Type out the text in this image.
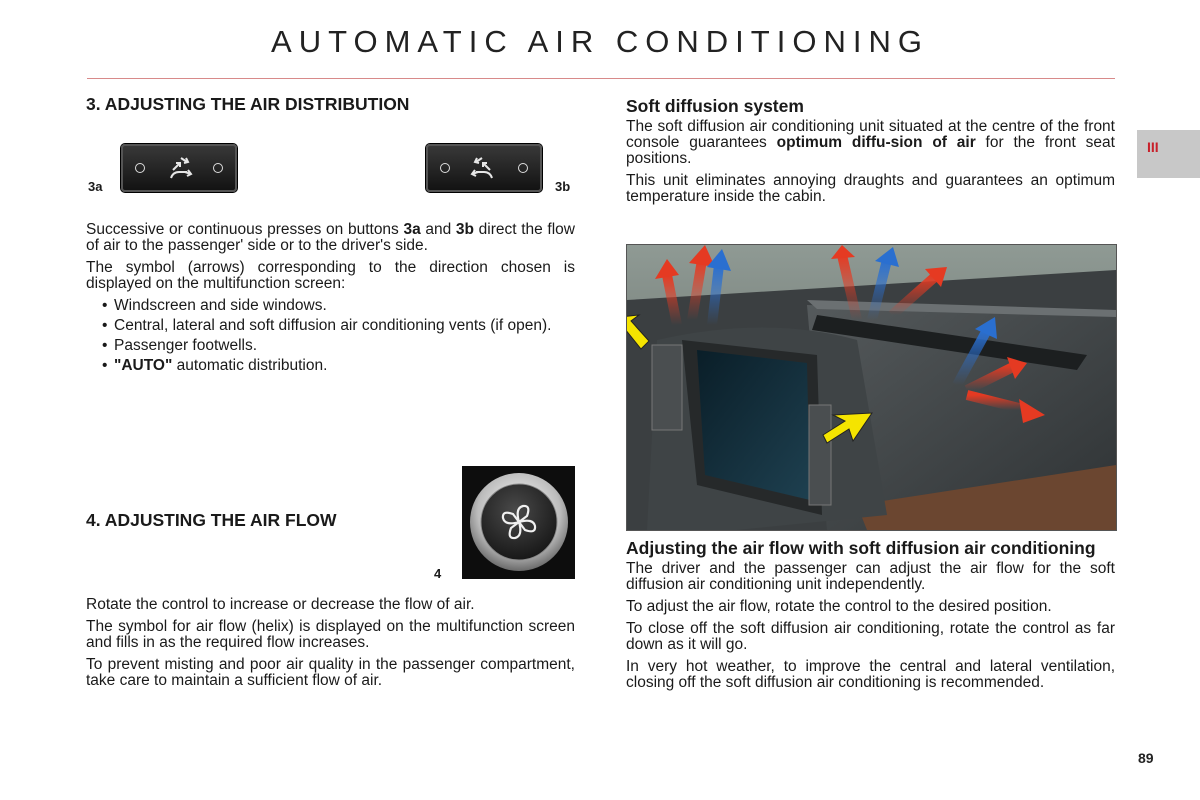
AUTOMATIC AIR CONDITIONING
III
3. ADJUSTING THE AIR DISTRIBUTION
3a	3b

Successive or continuous presses on buttons 3a and 3b direct the flow of air to the passenger' side or to the driver's side.

The symbol (arrows) corresponding to the direction chosen is displayed on the multifunction screen:

• Windscreen and side windows.
• Central, lateral and soft diffusion air conditioning vents (if open).
• Passenger footwells.
• "AUTO" automatic distribution.
4. ADJUSTING THE AIR FLOW
4

Rotate the control to increase or decrease the flow of air.

The symbol for air flow (helix) is displayed on the multifunction screen and fills in as the required flow increases.

To prevent misting and poor air quality in the passenger compartment, take care to maintain a sufficient flow of air.

Soft diffusion system

The soft diffusion air conditioning unit situated at the centre of the front console guarantees optimum diffu-sion of air for the front seat positions.

This unit eliminates annoying draughts and guarantees an optimum temperature inside the cabin.

Adjusting the air flow with soft diffusion air conditioning

The driver and the passenger can adjust the air flow for the soft diffusion air conditioning unit independently.

To adjust the air flow, rotate the control to the desired position.

To close off the soft diffusion air conditioning, rotate the control as far down as it will go.

In very hot weather, to improve the central and lateral ventilation, closing off the soft diffusion air conditioning is recommended.

89
